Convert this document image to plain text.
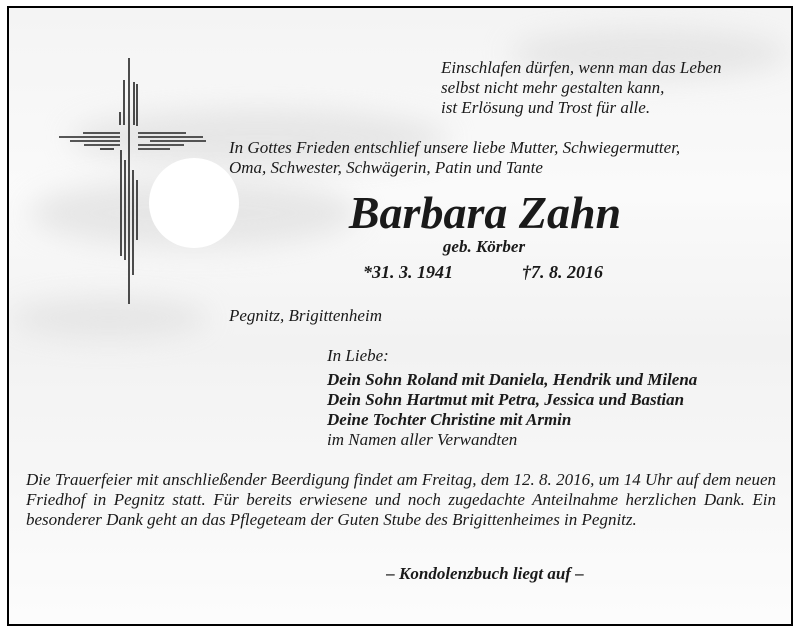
Einschlafen dürfen, wenn man das Leben
selbst nicht mehr gestalten kann,
ist Erlösung und Trost für alle.
In Gottes Frieden entschlief unsere liebe Mutter, Schwiegermutter,
Oma, Schwester, Schwägerin, Patin und Tante
Barbara Zahn
geb. Körber
*31. 3. 1941	†7. 8. 2016
Pegnitz, Brigittenheim
In Liebe:
Dein Sohn Roland mit Daniela, Hendrik und Milena
Dein Sohn Hartmut mit Petra, Jessica und Bastian
Deine Tochter Christine mit Armin
im Namen aller Verwandten
Die Trauerfeier mit anschließender Beerdigung findet am Freitag, dem 12. 8. 2016, um 14 Uhr auf dem neuen Friedhof in Pegnitz statt. Für bereits erwiesene und noch zugedachte Anteilnahme herzlichen Dank. Ein besonderer Dank geht an das Pflegeteam der Guten Stube des Brigittenheimes in Pegnitz.
– Kondolenzbuch liegt auf –
